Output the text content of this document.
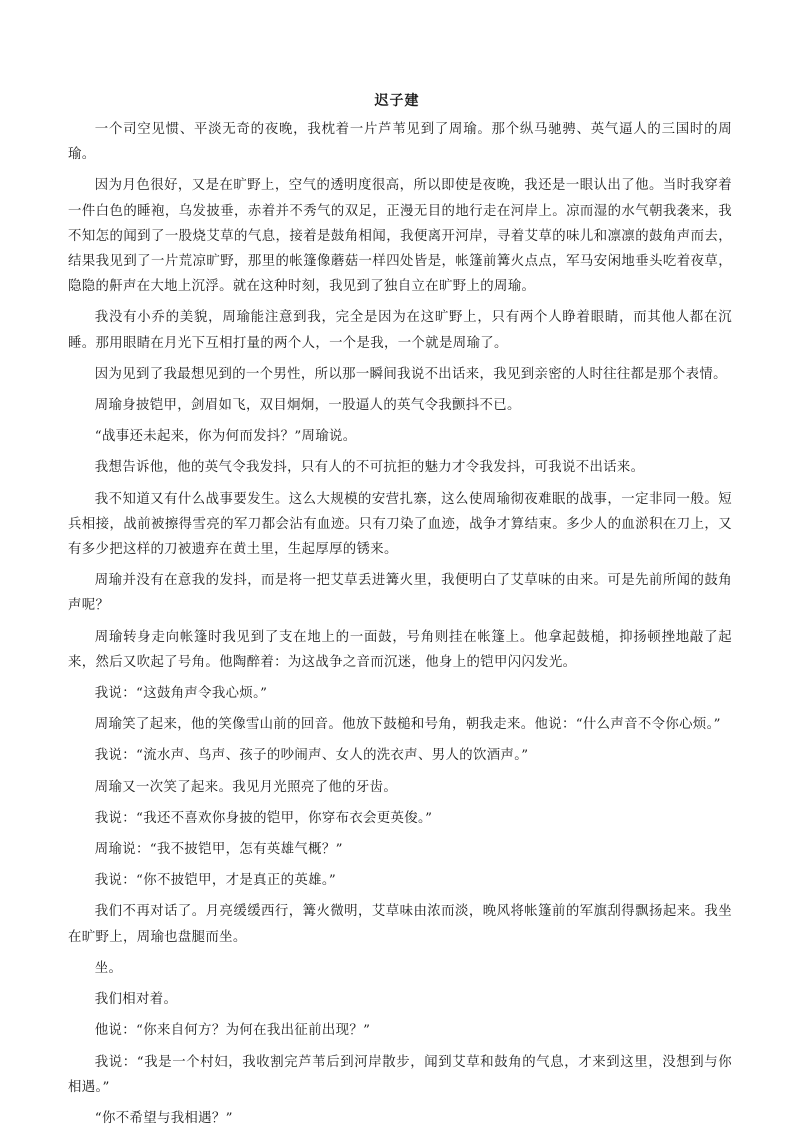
迟子建

一个司空见惯、平淡无奇的夜晚，我枕着一片芦苇见到了周瑜。那个纵马驰骋、英气逼人的三国时的周瑜。

因为月色很好，又是在旷野上，空气的透明度很高，所以即使是夜晚，我还是一眼认出了他。当时我穿着一件白色的睡袍，乌发披垂，赤着并不秀气的双足，正漫无目的地行走在河岸上。凉而湿的水气朝我袭来，我不知怎的闻到了一股烧艾草的气息，接着是鼓角相闻，我便离开河岸，寻着艾草的味儿和凛凛的鼓角声而去，结果我见到了一片荒凉旷野，那里的帐篷像蘑菇一样四处皆是，帐篷前篝火点点，军马安闲地垂头吃着夜草，隐隐的鼾声在大地上沉浮。就在这种时刻，我见到了独自立在旷野上的周瑜。

我没有小乔的美貌，周瑜能注意到我，完全是因为在这旷野上，只有两个人睁着眼睛，而其他人都在沉睡。那用眼睛在月光下互相打量的两个人，一个是我，一个就是周瑜了。

因为见到了我最想见到的一个男性，所以那一瞬间我说不出话来，我见到亲密的人时往往都是那个表情。

周瑜身披铠甲，剑眉如飞，双目炯炯，一股逼人的英气令我颤抖不已。

“战事还未起来，你为何而发抖？”周瑜说。

我想告诉他，他的英气令我发抖，只有人的不可抗拒的魅力才令我发抖，可我说不出话来。

我不知道又有什么战事要发生。这么大规模的安营扎寨，这么使周瑜彻夜难眠的战事，一定非同一般。短兵相接，战前被擦得雪亮的军刀都会沾有血迹。只有刀染了血迹，战争才算结束。多少人的血淤积在刀上，又有多少把这样的刀被遗弃在黄土里，生起厚厚的锈来。

周瑜并没有在意我的发抖，而是将一把艾草丢进篝火里，我便明白了艾草味的由来。可是先前所闻的鼓角声呢？

周瑜转身走向帐篷时我见到了支在地上的一面鼓，号角则挂在帐篷上。他拿起鼓槌，抑扬顿挫地敲了起来，然后又吹起了号角。他陶醉着：为这战争之音而沉迷，他身上的铠甲闪闪发光。

我说：“这鼓角声令我心烦。”

周瑜笑了起来，他的笑像雪山前的回音。他放下鼓槌和号角，朝我走来。他说：“什么声音不令你心烦。”

我说：“流水声、鸟声、孩子的吵闹声、女人的洗衣声、男人的饮酒声。”

周瑜又一次笑了起来。我见月光照亮了他的牙齿。

我说：“我还不喜欢你身披的铠甲，你穿布衣会更英俊。”

周瑜说：“我不披铠甲，怎有英雄气概？”

我说：“你不披铠甲，才是真正的英雄。”

我们不再对话了。月亮缓缓西行，篝火微明，艾草味由浓而淡，晚风将帐篷前的军旗刮得飘扬起来。我坐在旷野上，周瑜也盘腿而坐。

坐。

我们相对着。

他说：“你来自何方？为何在我出征前出现？”

我说：“我是一个村妇，我收割完芦苇后到河岸散步，闻到艾草和鼓角的气息，才来到这里，没想到与你相遇。”

“你不希望与我相遇？”
